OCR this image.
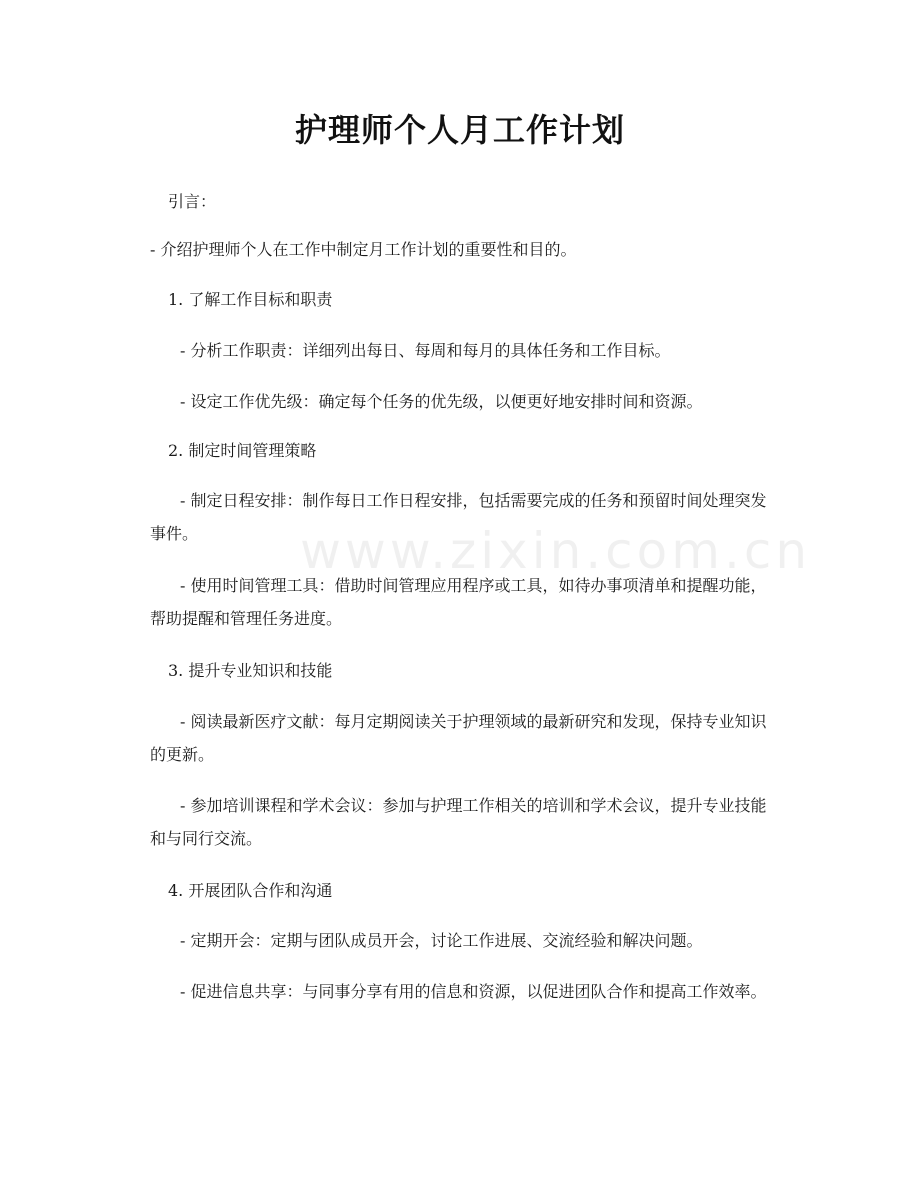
www.zixin.com.cn
护理师个人月工作计划

引言：

- 介绍护理师个人在工作中制定月工作计划的重要性和目的。

1. 了解工作目标和职责

- 分析工作职责：详细列出每日、每周和每月的具体任务和工作目标。

- 设定工作优先级：确定每个任务的优先级，以便更好地安排时间和资源。

2. 制定时间管理策略

- 制定日程安排：制作每日工作日程安排，包括需要完成的任务和预留时间处理突发事件。

- 使用时间管理工具：借助时间管理应用程序或工具，如待办事项清单和提醒功能，帮助提醒和管理任务进度。

3. 提升专业知识和技能

- 阅读最新医疗文献：每月定期阅读关于护理领域的最新研究和发现，保持专业知识的更新。

- 参加培训课程和学术会议：参加与护理工作相关的培训和学术会议，提升专业技能和与同行交流。

4. 开展团队合作和沟通

- 定期开会：定期与团队成员开会，讨论工作进展、交流经验和解决问题。

- 促进信息共享：与同事分享有用的信息和资源，以促进团队合作和提高工作效率。
